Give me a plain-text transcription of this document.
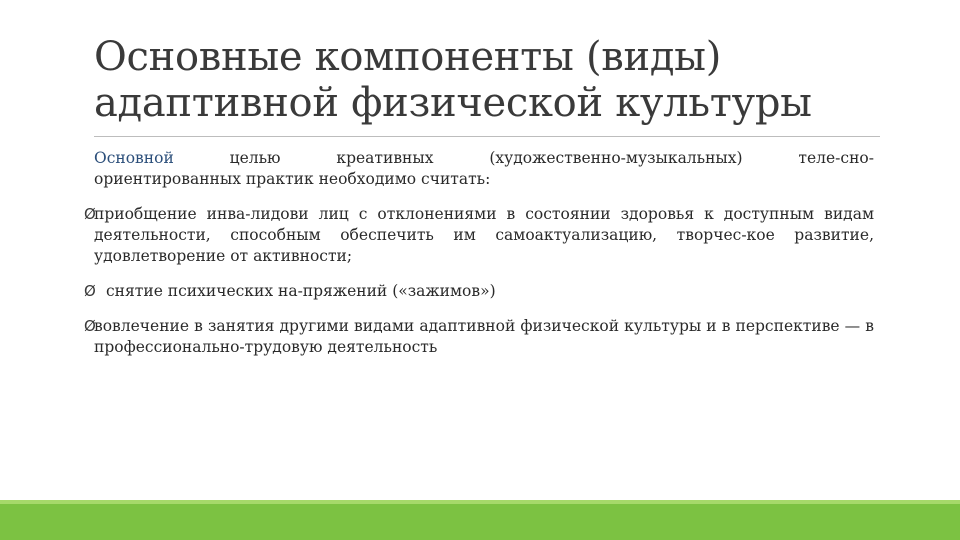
Основные компоненты (виды)
адаптивной физической культуры

Основной	целью	креативных	(художественно-музыкальных)	теле-сно-
ориентированных практик необходимо считать:

Ø
приобщение инва-лидови лиц с отклонениями в состоянии здоровья к доступным видам деятельности, способным обеспечить им самоактуализацию, творчес-кое развитие, удовлетворение от активности;
Ø снятие психических на-пряжений («зажимов»)
Ø
вовлечение в занятия другими видами адаптивной физической культуры и в перспективе — в профессионально-трудовую деятельность
